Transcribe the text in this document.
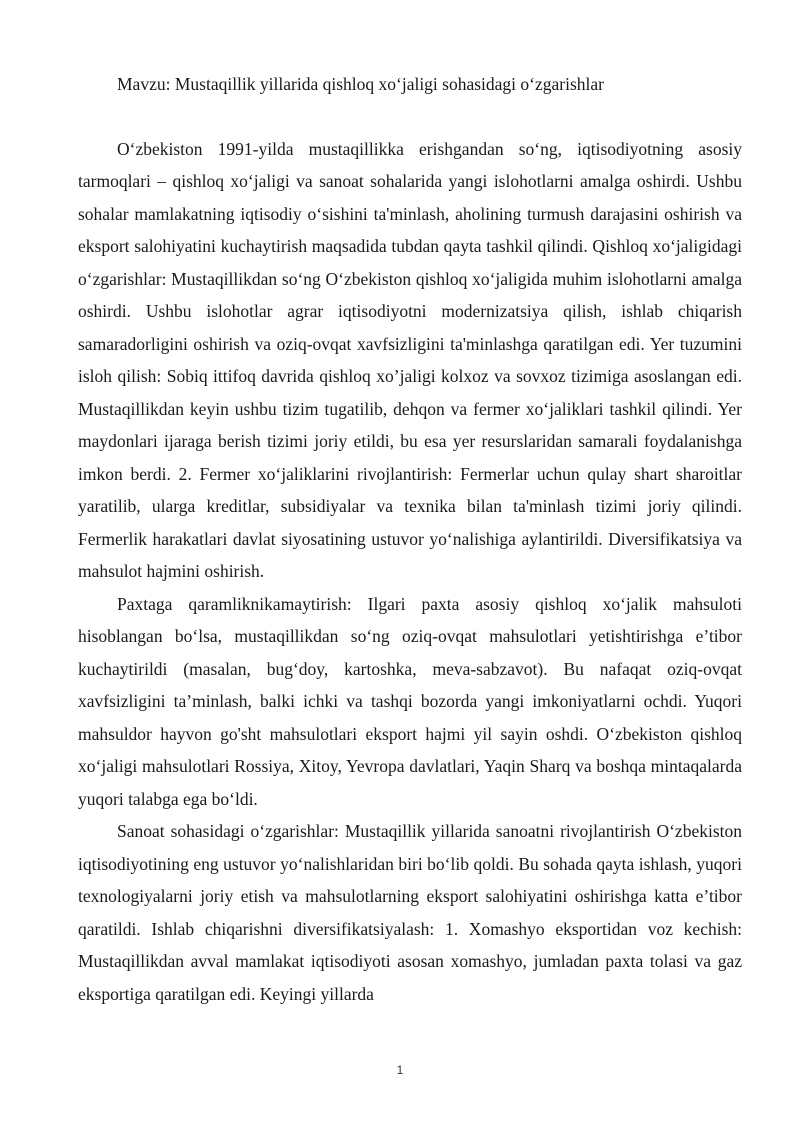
Mavzu: Mustaqillik yillarida qishloq xo‘jaligi sohasidagi o‘zgarishlar

O‘zbekiston 1991-yilda mustaqillikka erishgandan so‘ng, iqtisodiyotning asosiy tarmoqlari – qishloq xo‘jaligi va sanoat sohalarida yangi islohotlarni amalga oshirdi. Ushbu sohalar mamlakatning iqtisodiy o‘sishini ta'minlash, aholining turmush darajasini oshirish va eksport salohiyatini kuchaytirish maqsadida tubdan qayta tashkil qilindi. Qishloq xo‘jaligidagi o‘zgarishlar: Mustaqillikdan so‘ng O‘zbekiston qishloq xo‘jaligida muhim islohotlarni amalga oshirdi. Ushbu islohotlar agrar iqtisodiyotni modernizatsiya qilish, ishlab chiqarish samaradorligini oshirish va oziq-ovqat xavfsizligini ta'minlashga qaratilgan edi. Yer tuzumini isloh qilish: Sobiq ittifoq davrida qishloq xo’jaligi kolxoz va sovxoz tizimiga asoslangan edi. Mustaqillikdan keyin ushbu tizim tugatilib, dehqon va fermer xo‘jaliklari tashkil qilindi. Yer maydonlari ijaraga berish tizimi joriy etildi, bu esa yer resurslaridan samarali foydalanishga imkon berdi. 2. Fermer xo‘jaliklarini rivojlantirish: Fermerlar uchun qulay shart sharoitlar yaratilib, ularga kreditlar, subsidiyalar va texnika bilan ta'minlash tizimi joriy qilindi. Fermerlik harakatlari davlat siyosatining ustuvor yo‘nalishiga aylantirildi. Diversifikatsiya va mahsulot hajmini oshirish.

Paxtaga qaramliknikamaytirish: Ilgari paxta asosiy qishloq xo‘jalik mahsuloti hisoblangan bo‘lsa, mustaqillikdan so‘ng oziq-ovqat mahsulotlari yetishtirishga e’tibor kuchaytirildi (masalan, bug‘doy, kartoshka, meva-sabzavot). Bu nafaqat oziq-ovqat xavfsizligini ta’minlash, balki ichki va tashqi bozorda yangi imkoniyatlarni ochdi. Yuqori mahsuldor hayvon go'sht mahsulotlari eksport hajmi yil sayin oshdi. O‘zbekiston qishloq xo‘jaligi mahsulotlari Rossiya, Xitoy, Yevropa davlatlari, Yaqin Sharq va boshqa mintaqalarda yuqori talabga ega bo‘ldi.

Sanoat sohasidagi o‘zgarishlar: Mustaqillik yillarida sanoatni rivojlantirish O‘zbekiston iqtisodiyotining eng ustuvor yo‘nalishlaridan biri bo‘lib qoldi. Bu sohada qayta ishlash, yuqori texnologiyalarni joriy etish va mahsulotlarning eksport salohiyatini oshirishga katta e’tibor qaratildi. Ishlab chiqarishni diversifikatsiyalash: 1. Xomashyo eksportidan voz kechish: Mustaqillikdan avval mamlakat iqtisodiyoti asosan xomashyo, jumladan paxta tolasi va gaz eksportiga qaratilgan edi. Keyingi yillarda

1
